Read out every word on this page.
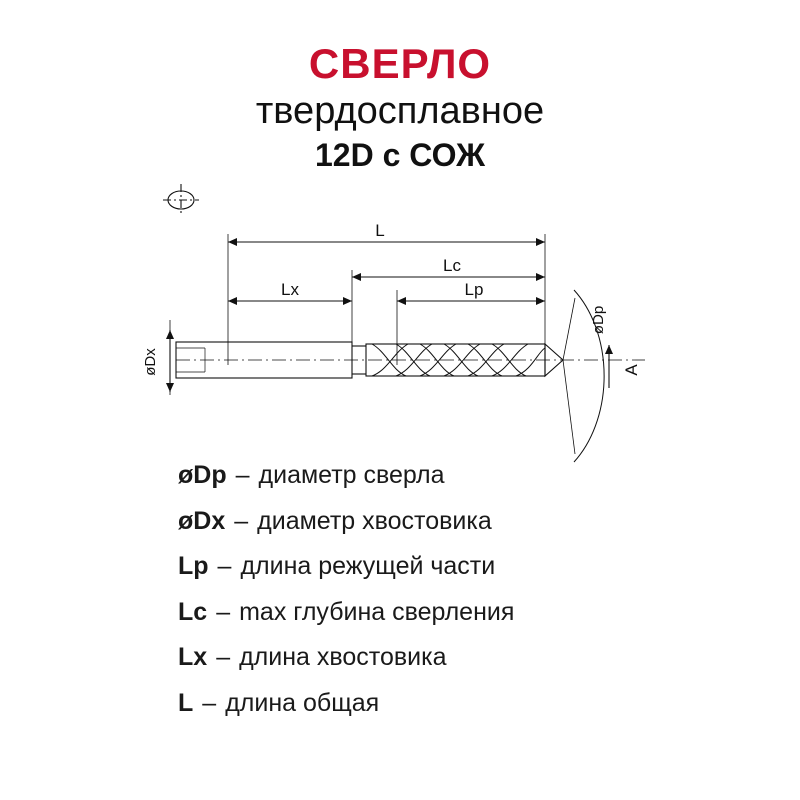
СВЕРЛО
твердосплавное
12D с СОЖ
L
Lc
Lx	Lp
øDx
øDp
A
øDp – диаметр сверла
øDx – диаметр хвостовика
Lp – длина режущей части
Lc – max глубина сверления
Lx – длина хвостовика
L – длина общая
